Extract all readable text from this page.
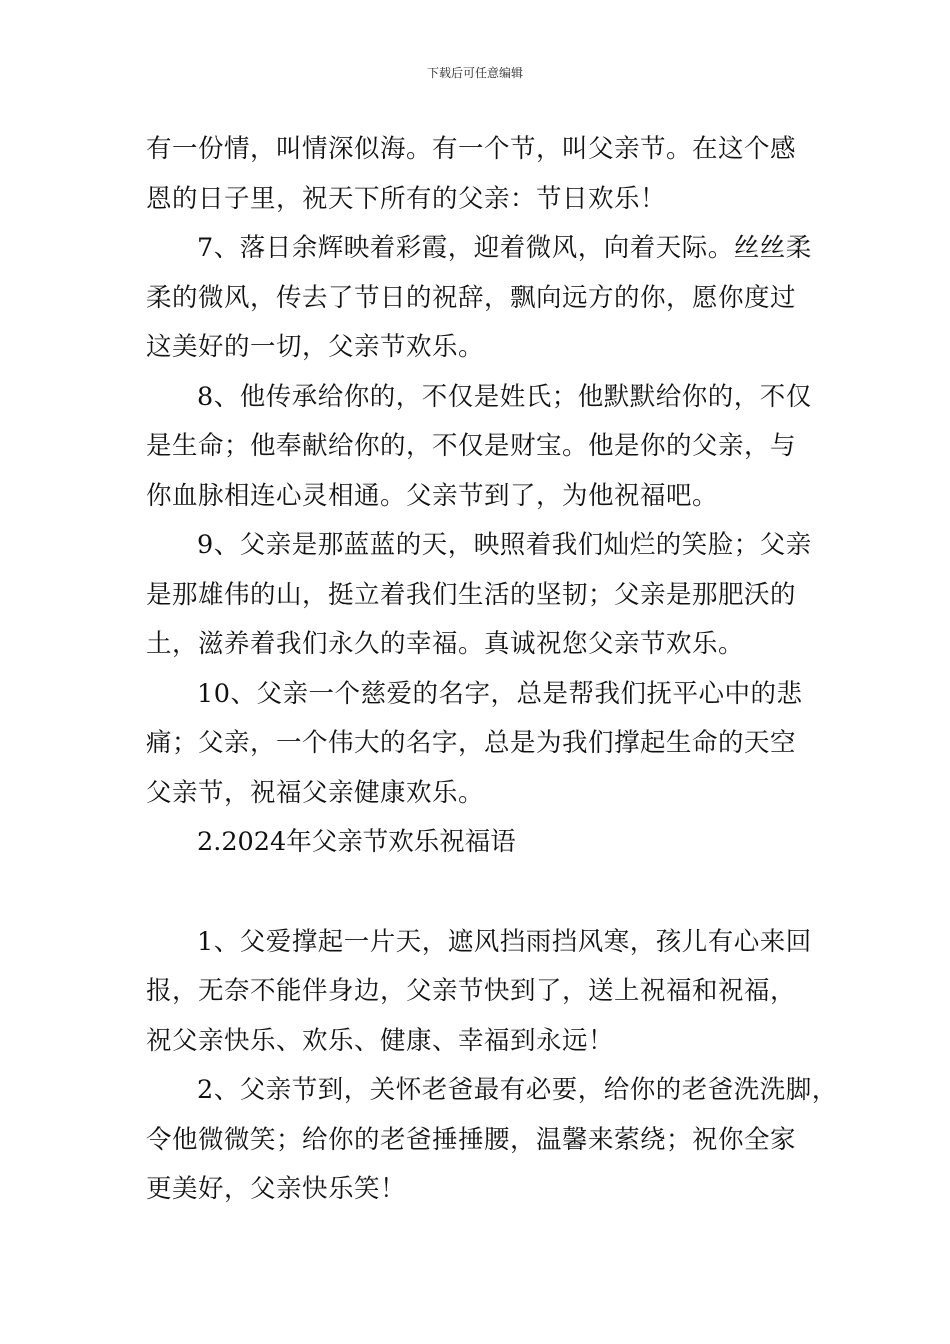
下载后可任意编辑
有一份情，叫情深似海。有一个节，叫父亲节。在这个感
恩的日子里，祝天下所有的父亲：节日欢乐！
7、落日余辉映着彩霞，迎着微风，向着天际。丝丝柔
柔的微风，传去了节日的祝辞，飘向远方的你，愿你度过
这美好的一切，父亲节欢乐。
8、他传承给你的，不仅是姓氏；他默默给你的，不仅
是生命；他奉献给你的，不仅是财宝。他是你的父亲，与
你血脉相连心灵相通。父亲节到了，为他祝福吧。
9、父亲是那蓝蓝的天，映照着我们灿烂的笑脸；父亲
是那雄伟的山，挺立着我们生活的坚韧；父亲是那肥沃的
土，滋养着我们永久的幸福。真诚祝您父亲节欢乐。
10、父亲一个慈爱的名字，总是帮我们抚平心中的悲
痛；父亲，一个伟大的名字，总是为我们撑起生命的天空
父亲节，祝福父亲健康欢乐。
2.2024年父亲节欢乐祝福语
1、父爱撑起一片天，遮风挡雨挡风寒，孩儿有心来回
报，无奈不能伴身边，父亲节快到了，送上祝福和祝福，
祝父亲快乐、欢乐、健康、幸福到永远！
2、父亲节到，关怀老爸最有必要，给你的老爸洗洗脚，
令他微微笑；给你的老爸捶捶腰，温馨来萦绕；祝你全家
更美好，父亲快乐笑！
